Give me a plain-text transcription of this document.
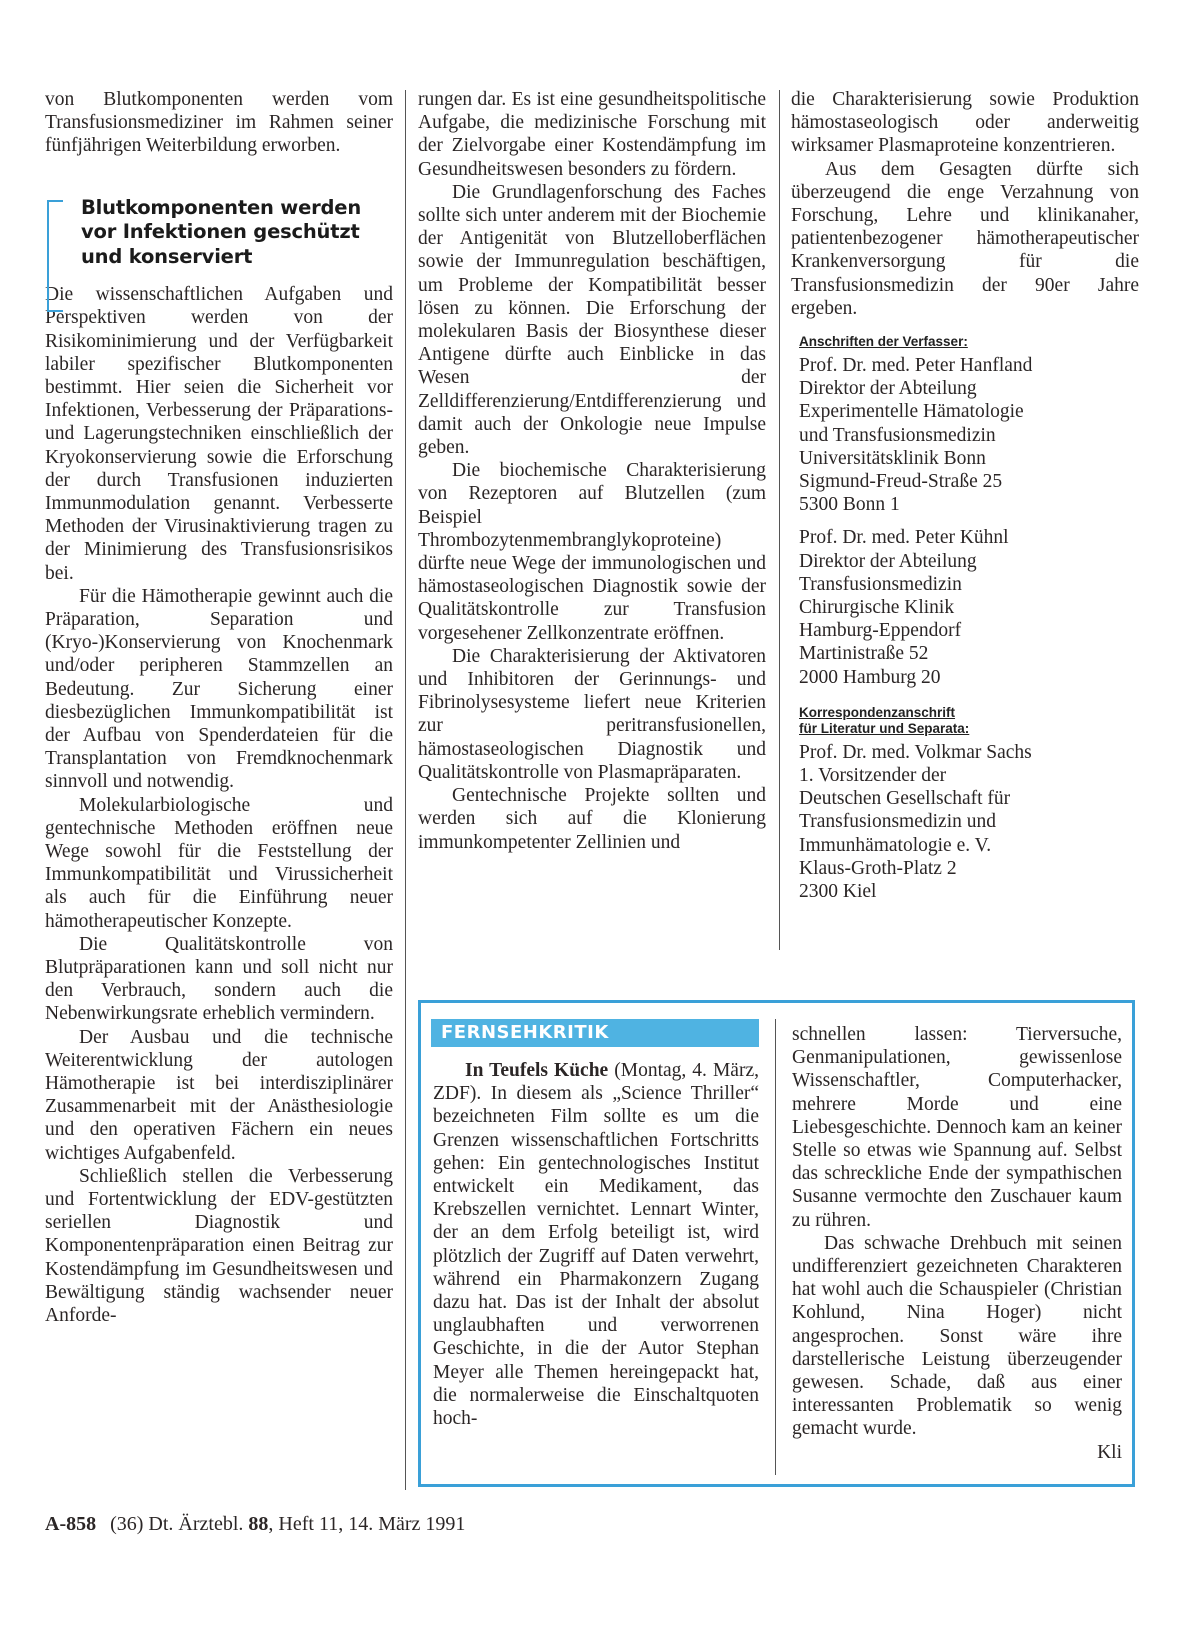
von Blutkomponenten werden vom Transfusionsmediziner im Rahmen seiner fünfjährigen Weiterbildung erworben.

Blutkomponenten werden vor Infektionen geschützt und konserviert

Die wissenschaftlichen Aufgaben und Perspektiven werden von der Risikominimierung und der Verfügbarkeit labiler spezifischer Blutkomponenten bestimmt. Hier seien die Sicherheit vor Infektionen, Verbesserung der Präparations- und Lagerungstechniken einschließlich der Kryokonservierung sowie die Erforschung der durch Transfusionen induzierten Immunmodulation genannt. Verbesserte Methoden der Virusinaktivierung tragen zu der Minimierung des Transfusionsrisikos bei.

Für die Hämotherapie gewinnt auch die Präparation, Separation und (Kryo-)Konservierung von Knochenmark und/oder peripheren Stammzellen an Bedeutung. Zur Sicherung einer diesbezüglichen Immunkompatibilität ist der Aufbau von Spenderdateien für die Transplantation von Fremdknochenmark sinnvoll und notwendig.

Molekularbiologische und gentechnische Methoden eröffnen neue Wege sowohl für die Feststellung der Immunkompatibilität und Virussicherheit als auch für die Einführung neuer hämotherapeutischer Konzepte.

Die Qualitätskontrolle von Blutpräparationen kann und soll nicht nur den Verbrauch, sondern auch die Nebenwirkungsrate erheblich vermindern.

Der Ausbau und die technische Weiterentwicklung der autologen Hämotherapie ist bei interdisziplinärer Zusammenarbeit mit der Anästhesiologie und den operativen Fächern ein neues wichtiges Aufgabenfeld.

Schließlich stellen die Verbesserung und Fortentwicklung der EDV-gestützten seriellen Diagnostik und Komponentenpräparation einen Beitrag zur Kostendämpfung im Gesundheitswesen und Bewältigung ständig wachsender neuer Anforde-

rungen dar. Es ist eine gesundheitspolitische Aufgabe, die medizinische Forschung mit der Zielvorgabe einer Kostendämpfung im Gesundheitswesen besonders zu fördern.

Die Grundlagenforschung des Faches sollte sich unter anderem mit der Biochemie der Antigenität von Blutzelloberflächen sowie der Immunregulation beschäftigen, um Probleme der Kompatibilität besser lösen zu können. Die Erforschung der molekularen Basis der Biosynthese dieser Antigene dürfte auch Einblicke in das Wesen der Zelldifferenzierung/Entdifferenzierung und damit auch der Onkologie neue Impulse geben.

Die biochemische Charakterisierung von Rezeptoren auf Blutzellen (zum Beispiel Thrombozytenmembranglykoproteine) dürfte neue Wege der immunologischen und hämostaseologischen Diagnostik sowie der Qualitätskontrolle zur Transfusion vorgesehener Zellkonzentrate eröffnen.

Die Charakterisierung der Aktivatoren und Inhibitoren der Gerinnungs- und Fibrinolysesysteme liefert neue Kriterien zur peritransfusionellen, hämostaseologischen Diagnostik und Qualitätskontrolle von Plasmapräparaten.

Gentechnische Projekte sollten und werden sich auf die Klonierung immunkompetenter Zellinien und

die Charakterisierung sowie Produktion hämostaseologisch oder anderweitig wirksamer Plasmaproteine konzentrieren.

Aus dem Gesagten dürfte sich überzeugend die enge Verzahnung von Forschung, Lehre und klinikanaher, patientenbezogener hämotherapeutischer Krankenversorgung für die Transfusionsmedizin der 90er Jahre ergeben.

Anschriften der Verfasser:
Prof. Dr. med. Peter Hanfland
Direktor der Abteilung
Experimentelle Hämatologie
und Transfusionsmedizin
Universitätsklinik Bonn
Sigmund-Freud-Straße 25
5300 Bonn 1
Prof. Dr. med. Peter Kühnl
Direktor der Abteilung
Transfusionsmedizin
Chirurgische Klinik
Hamburg-Eppendorf
Martinistraße 52
2000 Hamburg 20
Korrespondenzanschrift
für Literatur und Separata:
Prof. Dr. med. Volkmar Sachs
1. Vorsitzender der
Deutschen Gesellschaft für
Transfusionsmedizin und
Immunhämatologie e. V.
Klaus-Groth-Platz 2
2300 Kiel
FERNSEHKRITIK

In Teufels Küche (Montag, 4. März, ZDF). In diesem als „Science Thriller“ bezeichneten Film sollte es um die Grenzen wissenschaftlichen Fortschritts gehen: Ein gentechnologisches Institut entwickelt ein Medikament, das Krebszellen vernichtet. Lennart Winter, der an dem Erfolg beteiligt ist, wird plötzlich der Zugriff auf Daten verwehrt, während ein Pharmakonzern Zugang dazu hat. Das ist der Inhalt der absolut unglaubhaften und verworrenen Geschichte, in die der Autor Stephan Meyer alle Themen hereingepackt hat, die normalerweise die Einschaltquoten hoch-

schnellen lassen: Tierversuche, Genmanipulationen, gewissenlose Wissenschaftler, Computerhacker, mehrere Morde und eine Liebesgeschichte. Dennoch kam an keiner Stelle so etwas wie Spannung auf. Selbst das schreckliche Ende der sympathischen Susanne vermochte den Zuschauer kaum zu rühren.

Das schwache Drehbuch mit seinen undifferenziert gezeichneten Charakteren hat wohl auch die Schauspieler (Christian Kohlund, Nina Hoger) nicht angesprochen. Sonst wäre ihre darstellerische Leistung überzeugender gewesen. Schade, daß aus einer interessanten Problematik so wenig gemacht wurde.

Kli

A-858 (36) Dt. Ärztebl. 88, Heft 11, 14. März 1991
